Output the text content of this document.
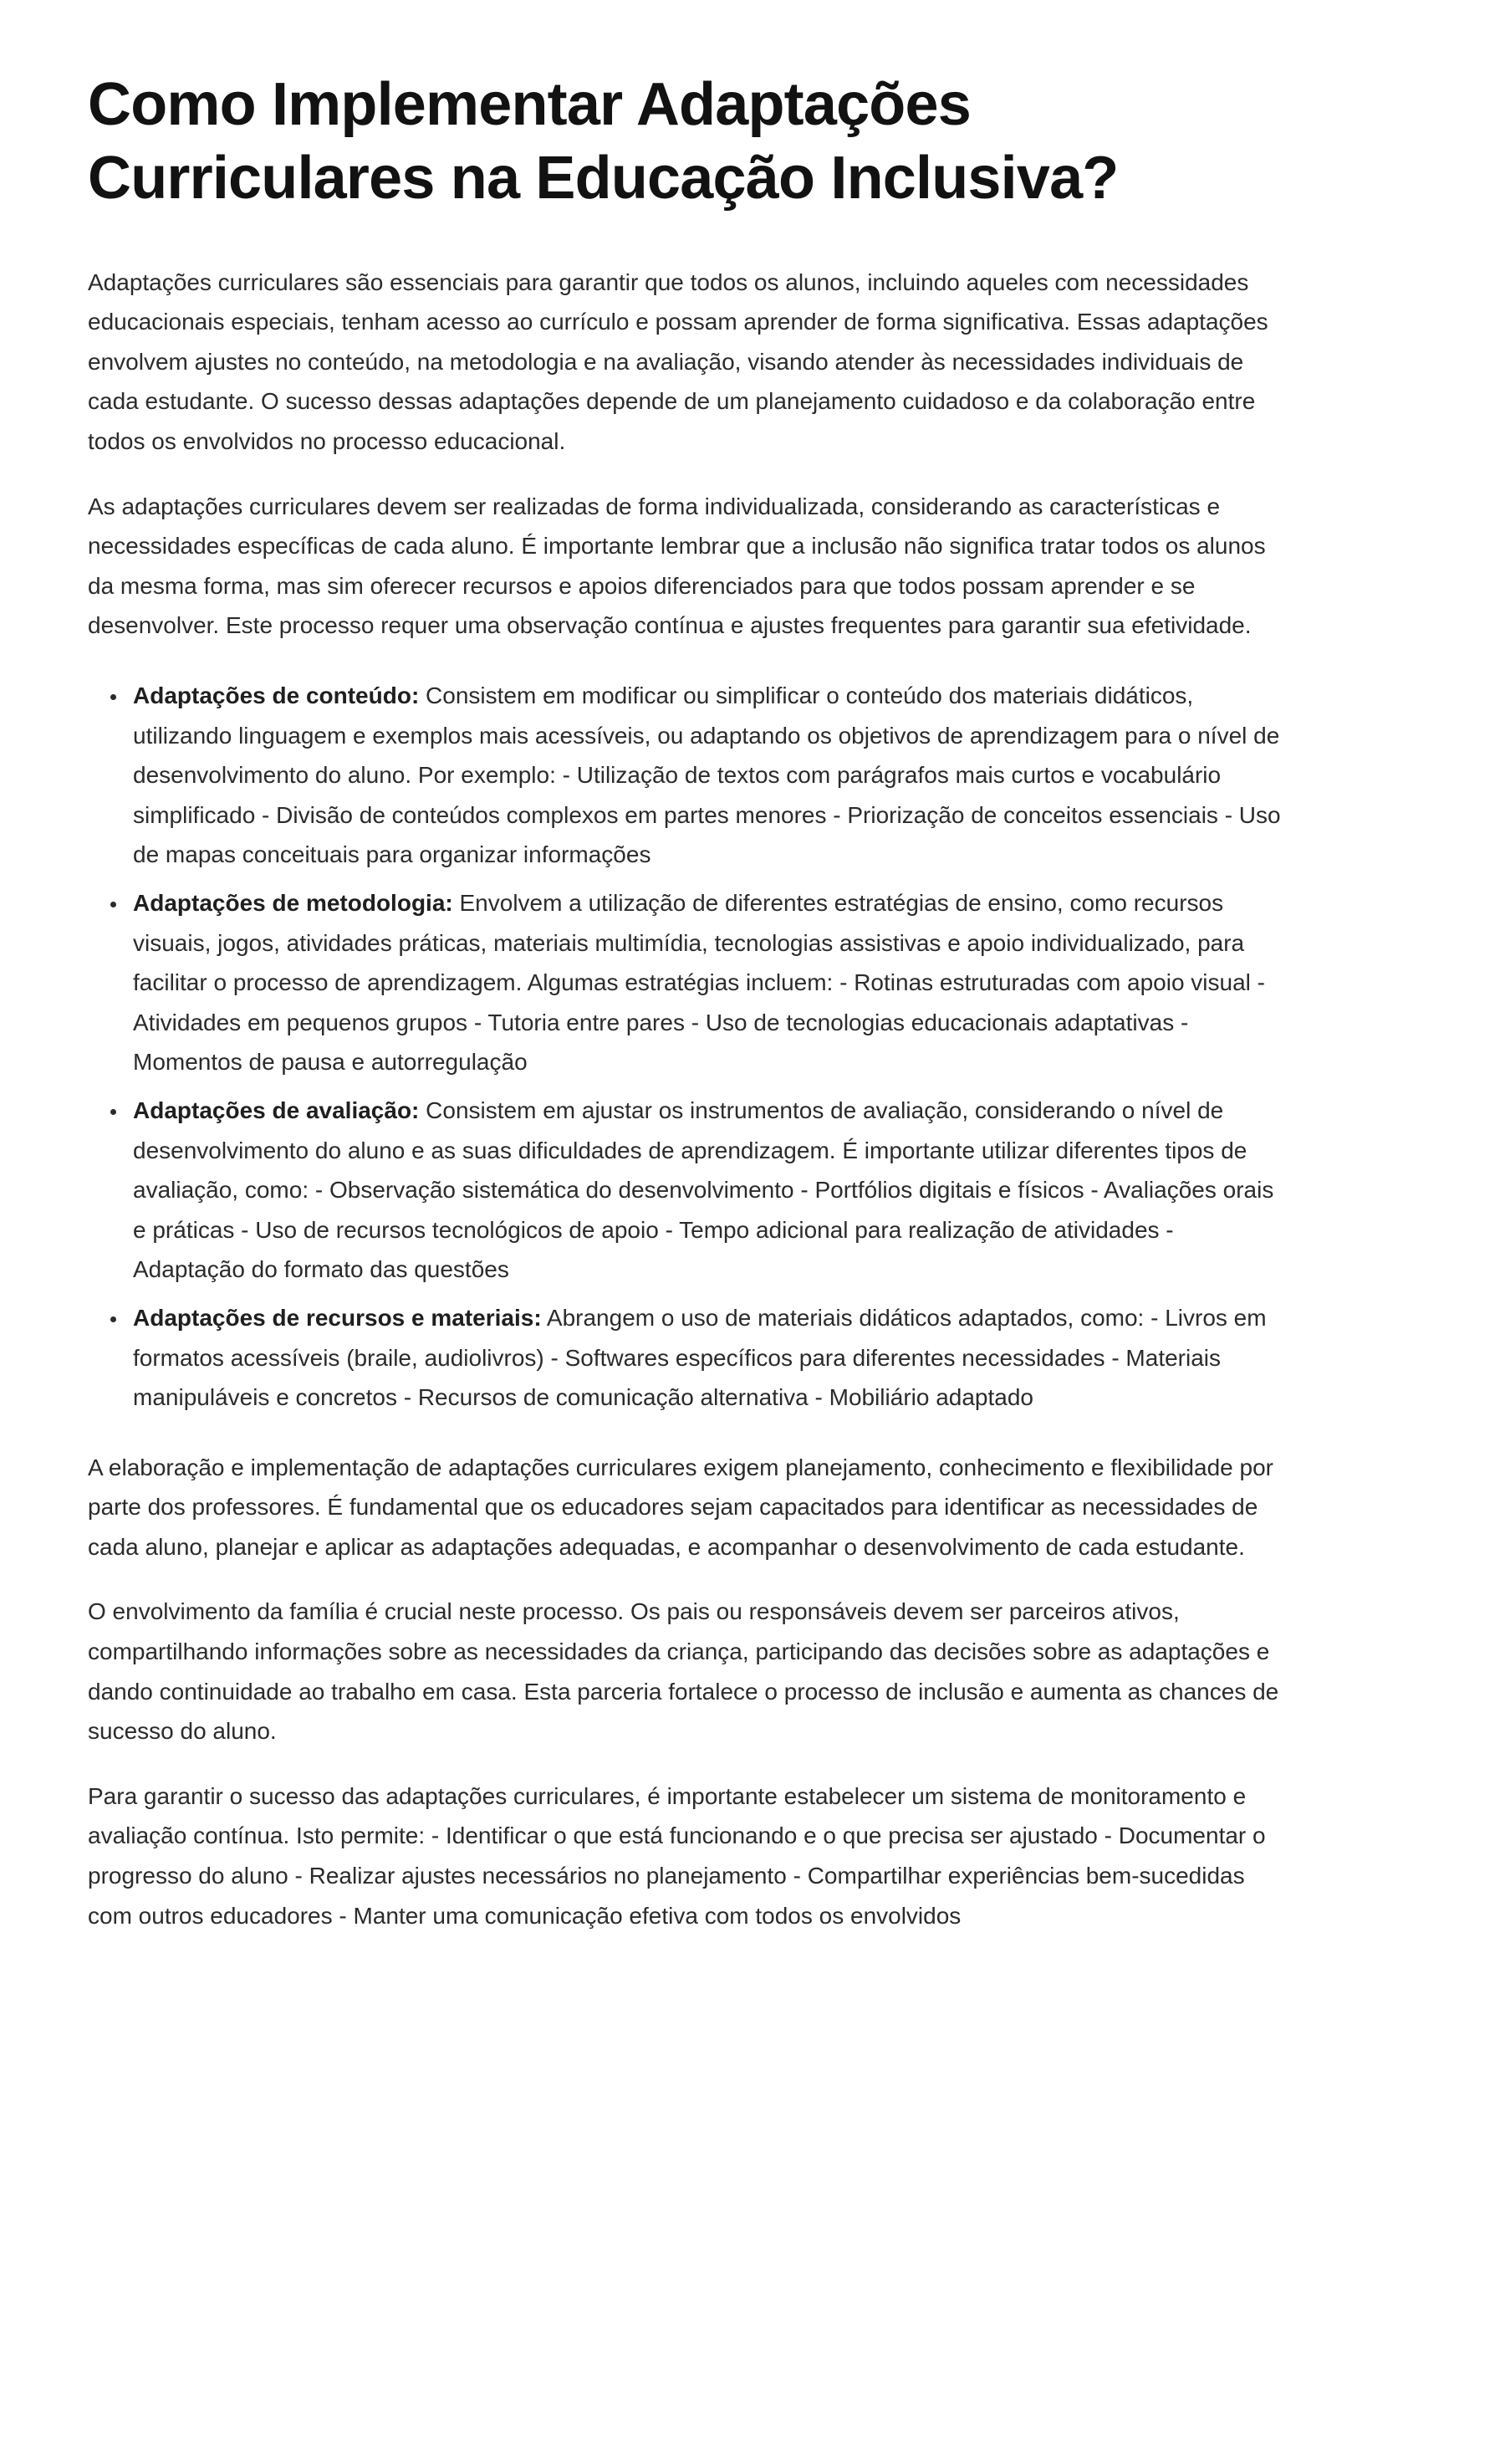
Como Implementar Adaptações Curriculares na Educação Inclusiva?

Adaptações curriculares são essenciais para garantir que todos os alunos, incluindo aqueles com necessidades educacionais especiais, tenham acesso ao currículo e possam aprender de forma significativa. Essas adaptações envolvem ajustes no conteúdo, na metodologia e na avaliação, visando atender às necessidades individuais de cada estudante. O sucesso dessas adaptações depende de um planejamento cuidadoso e da colaboração entre todos os envolvidos no processo educacional.

As adaptações curriculares devem ser realizadas de forma individualizada, considerando as características e necessidades específicas de cada aluno. É importante lembrar que a inclusão não significa tratar todos os alunos da mesma forma, mas sim oferecer recursos e apoios diferenciados para que todos possam aprender e se desenvolver. Este processo requer uma observação contínua e ajustes frequentes para garantir sua efetividade.

• Adaptações de conteúdo: Consistem em modificar ou simplificar o conteúdo dos materiais didáticos, utilizando linguagem e exemplos mais acessíveis, ou adaptando os objetivos de aprendizagem para o nível de desenvolvimento do aluno. Por exemplo: - Utilização de textos com parágrafos mais curtos e vocabulário simplificado - Divisão de conteúdos complexos em partes menores - Priorização de conceitos essenciais - Uso de mapas conceituais para organizar informações
• Adaptações de metodologia: Envolvem a utilização de diferentes estratégias de ensino, como recursos visuais, jogos, atividades práticas, materiais multimídia, tecnologias assistivas e apoio individualizado, para facilitar o processo de aprendizagem. Algumas estratégias incluem: - Rotinas estruturadas com apoio visual - Atividades em pequenos grupos - Tutoria entre pares - Uso de tecnologias educacionais adaptativas - Momentos de pausa e autorregulação
• Adaptações de avaliação: Consistem em ajustar os instrumentos de avaliação, considerando o nível de desenvolvimento do aluno e as suas dificuldades de aprendizagem. É importante utilizar diferentes tipos de avaliação, como: - Observação sistemática do desenvolvimento - Portfólios digitais e físicos - Avaliações orais e práticas - Uso de recursos tecnológicos de apoio - Tempo adicional para realização de atividades - Adaptação do formato das questões
• Adaptações de recursos e materiais: Abrangem o uso de materiais didáticos adaptados, como: - Livros em formatos acessíveis (braile, audiolivros) - Softwares específicos para diferentes necessidades - Materiais manipuláveis e concretos - Recursos de comunicação alternativa - Mobiliário adaptado

A elaboração e implementação de adaptações curriculares exigem planejamento, conhecimento e flexibilidade por parte dos professores. É fundamental que os educadores sejam capacitados para identificar as necessidades de cada aluno, planejar e aplicar as adaptações adequadas, e acompanhar o desenvolvimento de cada estudante.

O envolvimento da família é crucial neste processo. Os pais ou responsáveis devem ser parceiros ativos, compartilhando informações sobre as necessidades da criança, participando das decisões sobre as adaptações e dando continuidade ao trabalho em casa. Esta parceria fortalece o processo de inclusão e aumenta as chances de sucesso do aluno.

Para garantir o sucesso das adaptações curriculares, é importante estabelecer um sistema de monitoramento e avaliação contínua. Isto permite: - Identificar o que está funcionando e o que precisa ser ajustado - Documentar o progresso do aluno - Realizar ajustes necessários no planejamento - Compartilhar experiências bem-sucedidas com outros educadores - Manter uma comunicação efetiva com todos os envolvidos
